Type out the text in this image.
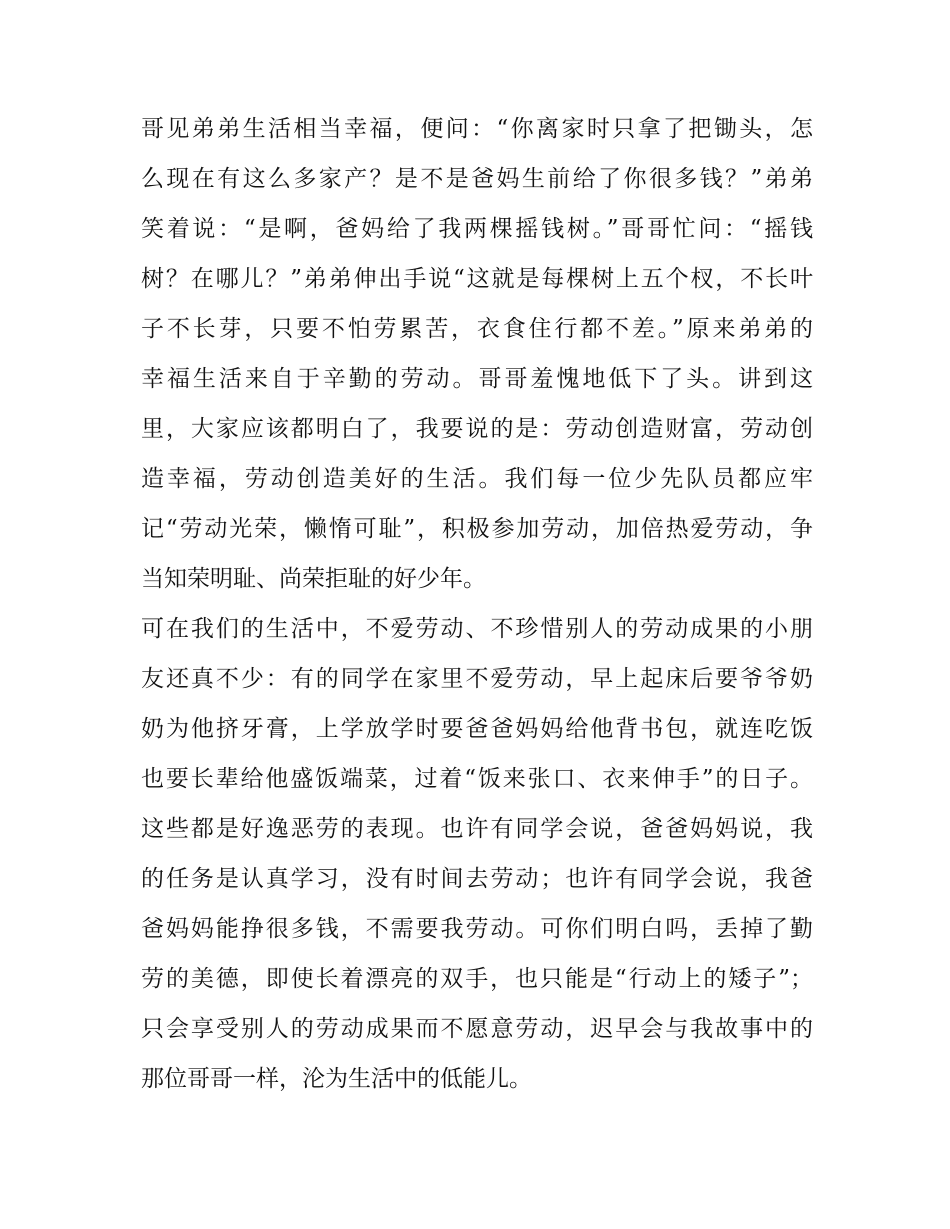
哥见弟弟生活相当幸福，便问：“你离家时只拿了把锄头，怎
么现在有这么多家产？是不是爸妈生前给了你很多钱？”弟弟
笑着说：“是啊，爸妈给了我两棵摇钱树。”哥哥忙问：“摇钱
树？在哪儿？”弟弟伸出手说“这就是每棵树上五个杈，不长叶
子不长芽，只要不怕劳累苦，衣食住行都不差。”原来弟弟的
幸福生活来自于辛勤的劳动。哥哥羞愧地低下了头。讲到这
里，大家应该都明白了，我要说的是：劳动创造财富，劳动创
造幸福，劳动创造美好的生活。我们每一位少先队员都应牢
记“劳动光荣，懒惰可耻”，积极参加劳动，加倍热爱劳动，争
当知荣明耻、尚荣拒耻的好少年。
可在我们的生活中，不爱劳动、不珍惜别人的劳动成果的小朋
友还真不少：有的同学在家里不爱劳动，早上起床后要爷爷奶
奶为他挤牙膏，上学放学时要爸爸妈妈给他背书包，就连吃饭
也要长辈给他盛饭端菜，过着“饭来张口、衣来伸手”的日子。
这些都是好逸恶劳的表现。也许有同学会说，爸爸妈妈说，我
的任务是认真学习，没有时间去劳动；也许有同学会说，我爸
爸妈妈能挣很多钱，不需要我劳动。可你们明白吗，丢掉了勤
劳的美德，即使长着漂亮的双手，也只能是“行动上的矮子”；
只会享受别人的劳动成果而不愿意劳动，迟早会与我故事中的
那位哥哥一样，沦为生活中的低能儿。
